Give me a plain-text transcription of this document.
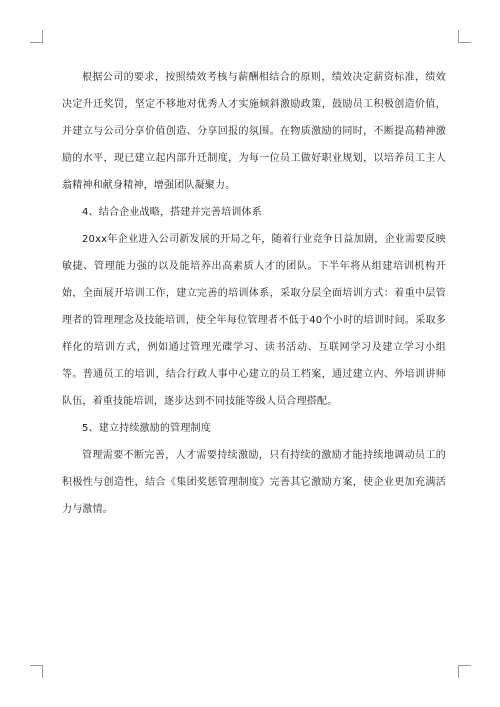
根据公司的要求，按照绩效考核与薪酬相结合的原则，绩效决定薪资标准，绩效决定升迁奖罚，坚定不移地对优秀人才实施倾斜激励政策，鼓励员工积极创造价值，并建立与公司分享价值创造、分享回报的氛围。在物质激励的同时，不断提高精神激励的水平，现已建立起内部升迁制度，为每一位员工做好职业规划，以培养员工主人翁精神和献身精神，增强团队凝聚力。

4、结合企业战略，搭建并完善培训体系

20xx年企业进入公司新发展的开局之年，随着行业竞争日益加剧，企业需要反映敏捷、管理能力强的以及能培养出高素质人才的团队。下半年将从组建培训机构开始，全面展开培训工作，建立完善的培训体系，采取分层全面培训方式：着重中层管理者的管理理念及技能培训，使全年每位管理者不低于40个小时的培训时间。采取多样化的培训方式，例如通过管理光碟学习、读书活动、互联网学习及建立学习小组等。普通员工的培训，结合行政人事中心建立的员工档案，通过建立内、外培训讲师队伍，着重技能培训，逐步达到不同技能等级人员合理搭配。

5、建立持续激励的管理制度

管理需要不断完善，人才需要持续激励，只有持续的激励才能持续地调动员工的积极性与创造性，结合《集团奖惩管理制度》完善其它激励方案，使企业更加充满活力与激情。
